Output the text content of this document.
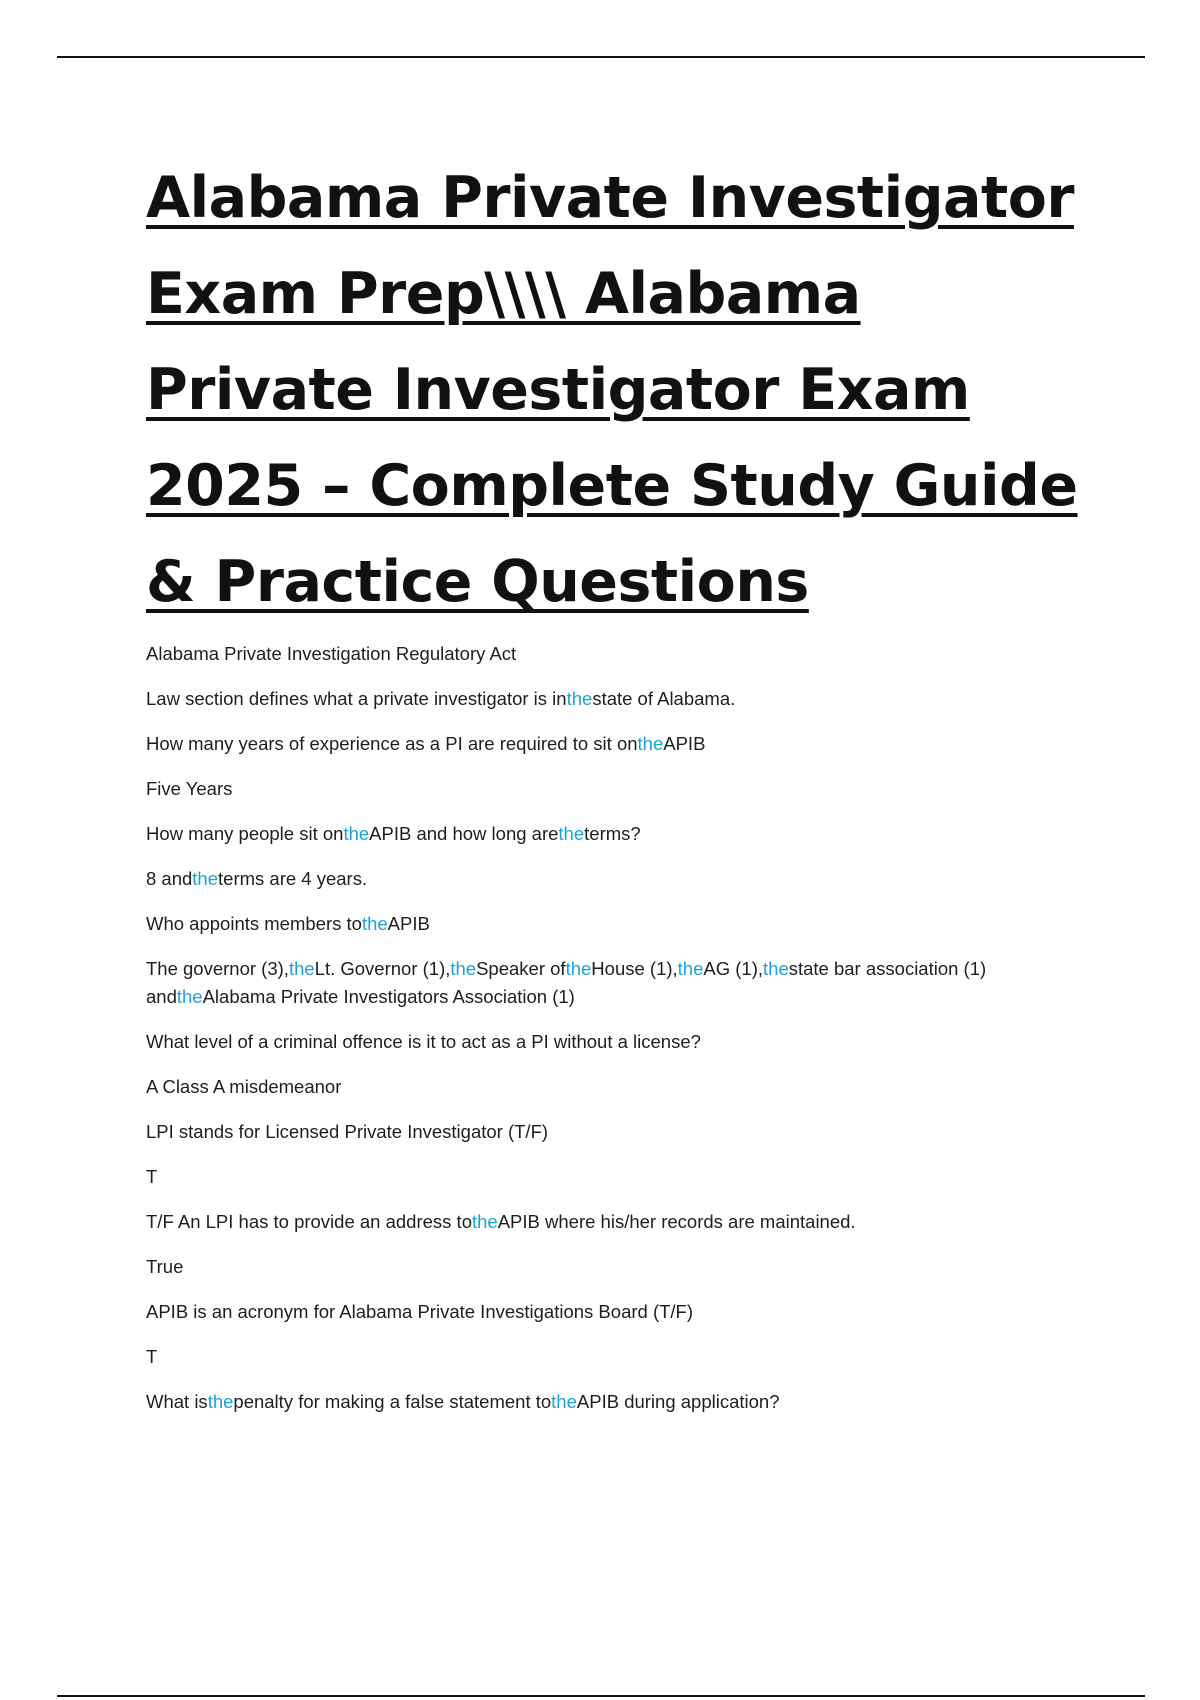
Alabama Private Investigator Exam Prep\\\\ Alabama Private Investigator Exam 2025 – Complete Study Guide & Practice Questions

Alabama Private Investigation Regulatory Act

Law section defines what a private investigator is inthestate of Alabama.

How many years of experience as a PI are required to sit ontheAPIB

Five Years

How many people sit ontheAPIB and how long aretheterms?

8 andtheterms are 4 years.

Who appoints members totheAPIB

The governor (3),theLt. Governor (1),theSpeaker oftheHouse (1),theAG (1),thestate bar association (1) andtheAlabama Private Investigators Association (1)

What level of a criminal offence is it to act as a PI without a license?

A Class A misdemeanor

LPI stands for Licensed Private Investigator (T/F)

T

T/F An LPI has to provide an address totheAPIB where his/her records are maintained.

True

APIB is an acronym for Alabama Private Investigations Board (T/F)

T

What isthepenalty for making a false statement totheAPIB during application?
